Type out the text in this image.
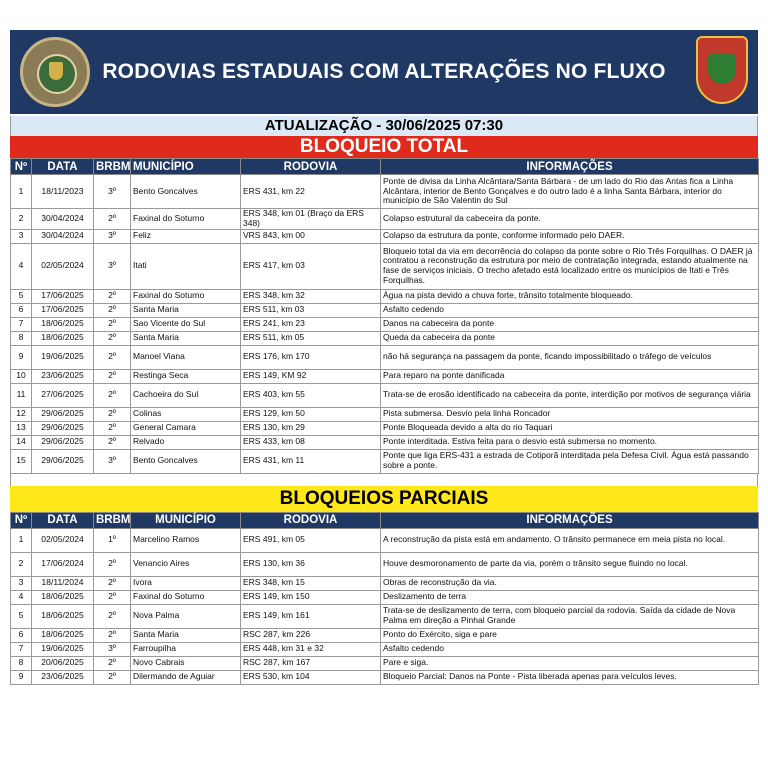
RODOVIAS ESTADUAIS COM ALTERAÇÕES NO FLUXO
ATUALIZAÇÃO - 30/06/2025 07:30
BLOQUEIO TOTAL
Nº	DATA	BRBM	MUNICÍPIO	RODOVIA	INFORMAÇÕES
1	18/11/2023	3º	Bento Goncalves	ERS 431, km 22	Ponte de divisa da Linha Alcântara/Santa Bárbara - de um lado do Rio das Antas fica a Linha Alcântara, interior de Bento Gonçalves e do outro lado é a linha Santa Bárbara, interior do município de São Valentin do Sul
2	30/04/2024	2º	Faxinal do Soturno	ERS 348, km 01 (Braço da ERS 348)	Colapso estrutural da cabeceira da ponte.
3	30/04/2024	3º	Feliz	VRS 843, km 00	Colapso da estrutura da ponte, conforme informado pelo DAER.
4	02/05/2024	3º	Itati	ERS 417, km 03	Bloqueio total da via em decorrência do colapso da ponte sobre o Rio Três Forquilhas. O DAER já contratou a reconstrução da estrutura por meio de contratação integrada, estando atualmente na fase de serviços iniciais. O trecho afetado está localizado entre os municípios de Itati e Três Forquilhas.
5	17/06/2025	2º	Faxinal do Soturno	ERS 348, km 32	Água na pista devido a chuva forte, trânsito totalmente bloqueado.
6	17/06/2025	2º	Santa Maria	ERS 511, km 03	Asfalto cedendo
7	18/06/2025	2º	Sao Vicente do Sul	ERS 241, km 23	Danos na cabeceira da ponte
8	18/06/2025	2º	Santa Maria	ERS 511, km 05	Queda da cabeceira da ponte
9	19/06/2025	2º	Manoel Viana	ERS 176, km 170	não há segurança na passagem da ponte, ficando impossibilitado o tráfego de veículos
10	23/06/2025	2º	Restinga Seca	ERS 149, KM 92	Para reparo na ponte danificada
11	27/06/2025	2º	Cachoeira do Sul	ERS 403, km 55	Trata-se de erosão identificado na cabeceira da ponte, interdição por motivos de segurança viária
12	29/06/2025	2º	Colinas	ERS 129, km 50	Pista submersa. Desvio pela linha Roncador
13	29/06/2025	2º	General Camara	ERS 130, km 29	Ponte Bloqueada devido a alta do rio Taquari
14	29/06/2025	2º	Relvado	ERS 433, km 08	Ponte interditada. Estiva feita para o desvio está submersa no momento.
15	29/06/2025	3º	Bento Goncalves	ERS 431, km 11	Ponte que liga ERS-431 a estrada de Cotiporã interditada pela Defesa Civil. Água está passando sobre a ponte.
BLOQUEIOS PARCIAIS
Nº	DATA	BRBM	MUNICÍPIO	RODOVIA	INFORMAÇÕES
1	02/05/2024	1º	Marcelino Ramos	ERS 491, km 05	A reconstrução da pista está em andamento. O trânsito permanece em meia pista no local.
2	17/06/2024	2º	Venancio Aires	ERS 130, km 36	Houve desmoronamento de parte da via, porém o trânsito segue fluindo no local.
3	18/11/2024	2º	Ivora	ERS 348, km 15	Obras de reconstrução da via.
4	18/06/2025	2º	Faxinal do Soturno	ERS 149, km 150	Deslizamento de terra
5	18/06/2025	2º	Nova Palma	ERS 149, km 161	Trata-se de deslizamento de terra, com bloqueio parcial da rodovia. Saída da cidade de Nova Palma em direção a Pinhal Grande
6	18/06/2025	2º	Santa Maria	RSC 287, km 226	Ponto do Exército, siga e pare
7	19/06/2025	3º	Farroupilha	ERS 448, km 31 e 32	Asfalto cedendo
8	20/06/2025	2º	Novo Cabrais	RSC 287, km 167	Pare e siga.
9	23/06/2025	2º	Dilermando de Aguiar	ERS 530, km 104	Bloqueio Parcial: Danos na Ponte - Pista liberada apenas para veículos leves.
